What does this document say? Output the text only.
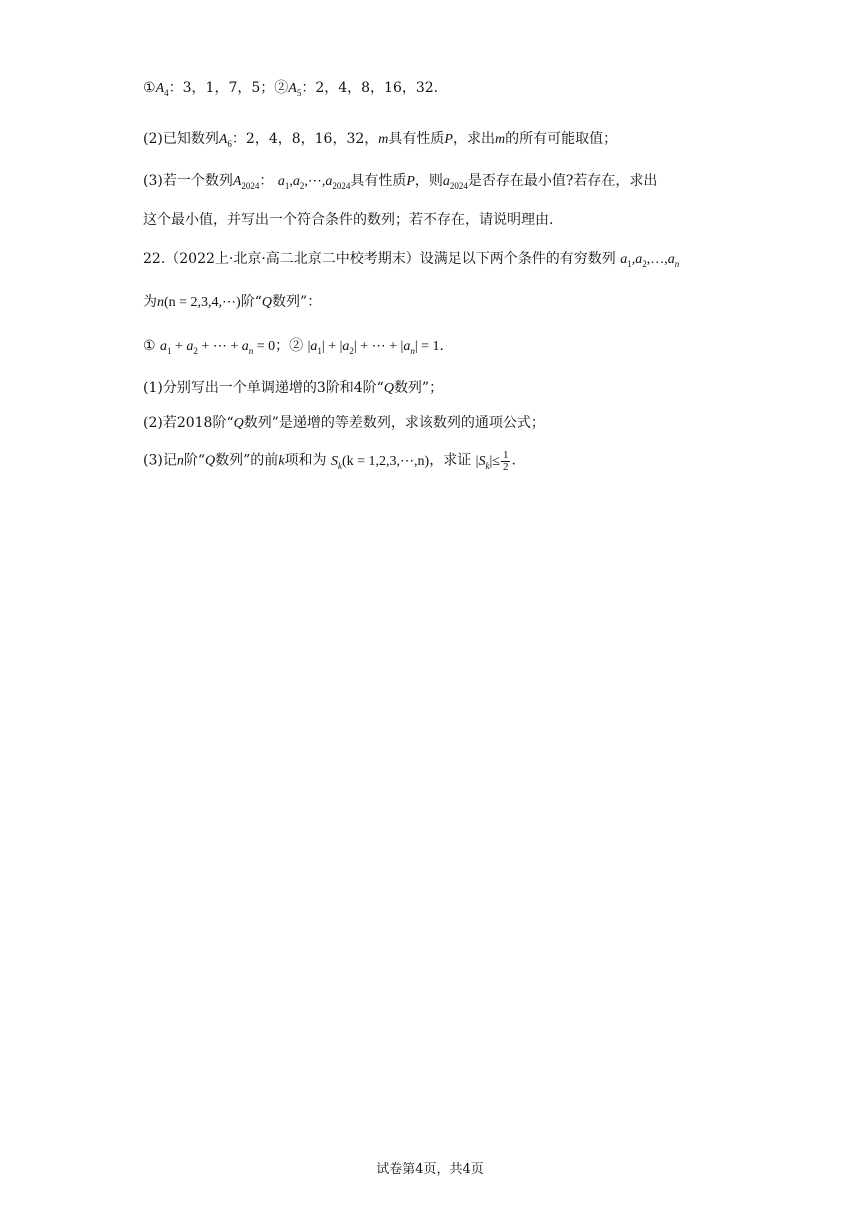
$①A_4$：3，1，7，5；$②A_5$：2，4，8，16，32.
(2)已知数列$A_6$：2，4，8，16，32，m具有性质P，求出m的所有可能取值；
(3)若一个数列$A_{2024}$： $a_1,a_2,\cdots,a_{2024}$具有性质P，则$a_{2024}$是否存在最小值?若存在，求出
这个最小值，并写出一个符合条件的数列；若不存在，请说明理由.
22.（2022上·北京·高二北京二中校考期末）设满足以下两个条件的有穷数列 $a_1,a_2,\dots,a_n$
为n(n = 2,3,4,⋯)阶“Q数列”：
① $a_1 + a_2$ + ⋯ + $a_n = 0$；② $|a_1| + |a_2|$ + ⋯ + $|a_n| = 1$.
(1)分别写出一个单调递增的3阶和4阶“Q数列”；
(2)若2018阶“Q数列”是递增的等差数列，求该数列的通项公式；
(3)记n阶“Q数列”的前k项和为 $S_k(k$ = 1,2,3,⋯,n)，求证 $|S_k|\le \frac{1}{2}$ .
试卷第4页，共4页
